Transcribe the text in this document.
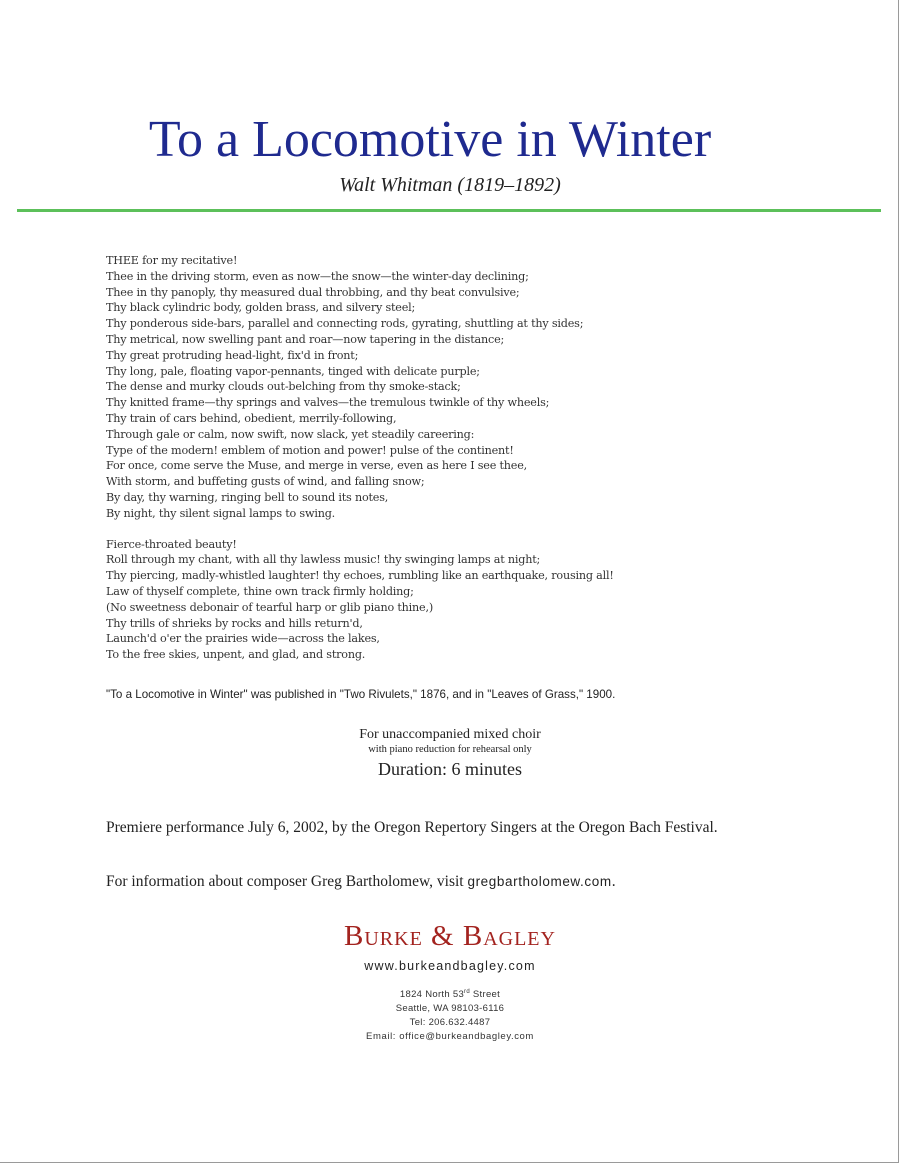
To a Locomotive in Winter
Walt Whitman (1819–1892)
THEE for my recitative!
Thee in the driving storm, even as now—the snow—the winter-day declining;
Thee in thy panoply, thy measured dual throbbing, and thy beat convulsive;
Thy black cylindric body, golden brass, and silvery steel;
Thy ponderous side-bars, parallel and connecting rods, gyrating, shuttling at thy sides;
Thy metrical, now swelling pant and roar—now tapering in the distance;
Thy great protruding head-light, fix'd in front;
Thy long, pale, floating vapor-pennants, tinged with delicate purple;
The dense and murky clouds out-belching from thy smoke-stack;
Thy knitted frame—thy springs and valves—the tremulous twinkle of thy wheels;
Thy train of cars behind, obedient, merrily-following,
Through gale or calm, now swift, now slack, yet steadily careering:
Type of the modern! emblem of motion and power! pulse of the continent!
For once, come serve the Muse, and merge in verse, even as here I see thee,
With storm, and buffeting gusts of wind, and falling snow;
By day, thy warning, ringing bell to sound its notes,
By night, thy silent signal lamps to swing.
Fierce-throated beauty!
Roll through my chant, with all thy lawless music! thy swinging lamps at night;
Thy piercing, madly-whistled laughter! thy echoes, rumbling like an earthquake, rousing all!
Law of thyself complete, thine own track firmly holding;
(No sweetness debonair of tearful harp or glib piano thine,)
Thy trills of shrieks by rocks and hills return'd,
Launch'd o'er the prairies wide—across the lakes,
To the free skies, unpent, and glad, and strong.
"To a Locomotive in Winter" was published in "Two Rivulets," 1876, and in "Leaves of Grass," 1900.
For unaccompanied mixed choir
with piano reduction for rehearsal only
Duration: 6 minutes
Premiere performance July 6, 2002, by the Oregon Repertory Singers at the Oregon Bach Festival.
For information about composer Greg Bartholomew, visit gregbartholomew.com.
Burke & Bagley
www.burkeandbagley.com
1824 North 53rd Street
Seattle, WA 98103-6116
Tel: 206.632.4487
Email: office@burkeandbagley.com
